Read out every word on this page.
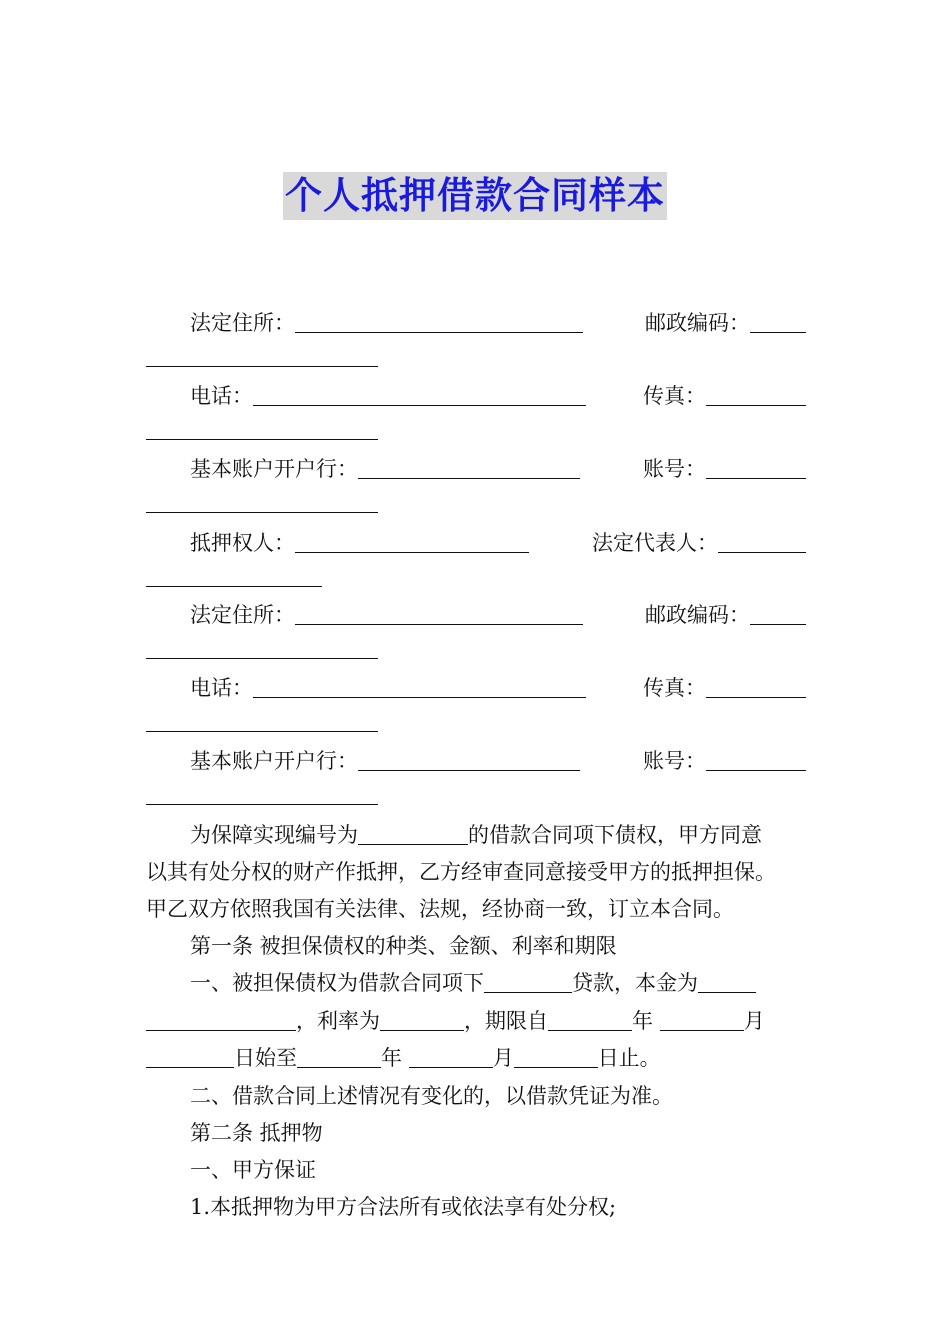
个人抵押借款合同样本
法定住所：	邮政编码：
电话：	传真：
基本账户开户行：	账号：
抵押权人：	法定代表人：
法定住所：	邮政编码：
电话：	传真：
基本账户开户行：	账号：
为保障实现编号为	的借款合同项下债权，甲方同意
以其有处分权的财产作抵押，乙方经审查同意接受甲方的抵押担保。
甲乙双方依照我国有关法律、法规，经协商一致，订立本合同。
第一条 被担保债权的种类、金额、利率和期限
一、被担保债权为借款合同项下	贷款，本金为
，利率为	，期限自	年	月
日始至	年	月	日止。
二、借款合同上述情况有变化的，以借款凭证为准。
第二条 抵押物
一、甲方保证
1.本抵押物为甲方合法所有或依法享有处分权;
